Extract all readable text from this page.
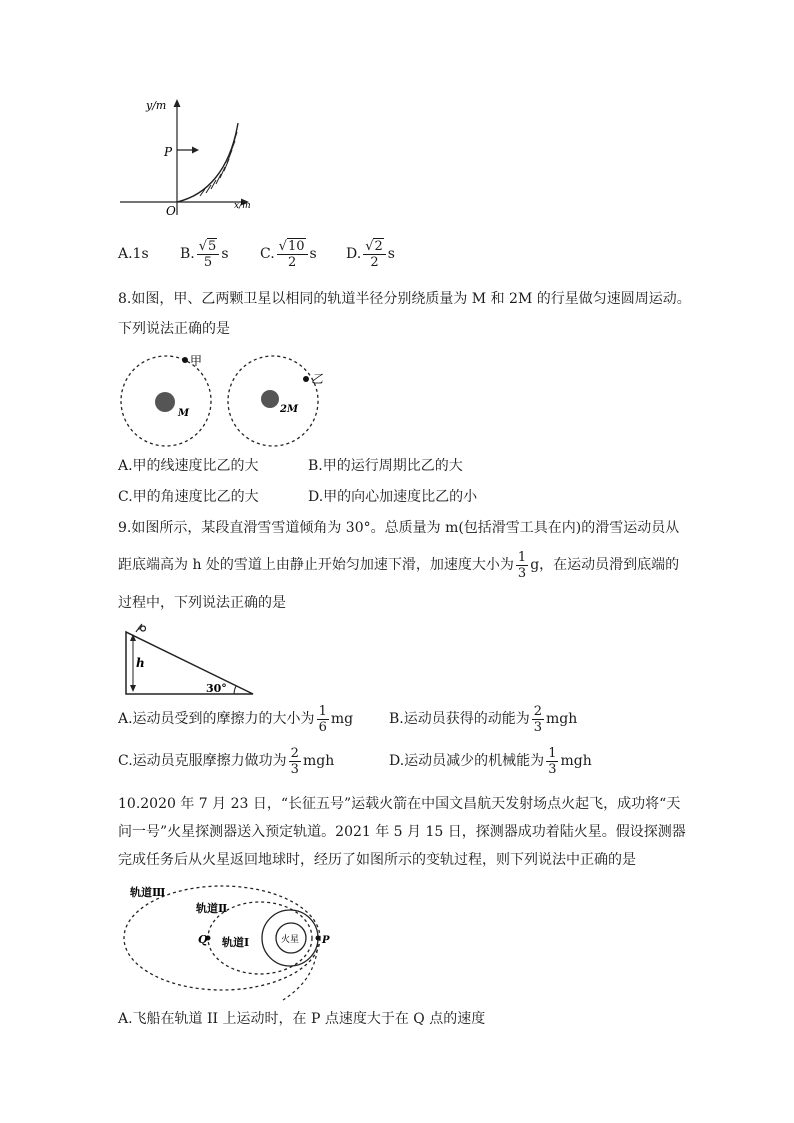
y/m
x/m
P
O
A.1s B. $\frac{√5}{5}$ s C. $\frac{√10}{2}$ s D. $\frac{√2}{2}$ s
8.如图，甲、乙两颗卫星以相同的轨道半径分别绕质量为 M 和 2M 的行星做匀速圆周运动。
下列说法正确的是
甲
M
乙
2M
A.甲的线速度比乙的大	B.甲的运行周期比乙的大
C.甲的角速度比乙的大	D.甲的向心加速度比乙的小
9.如图所示，某段直滑雪雪道倾角为 30°。总质量为 m(包括滑雪工具在内)的滑雪运动员从
距底端高为 h 处的雪道上由静止开始匀加速下滑，加速度大小为 $\frac{1}{3}$ g，在运动员滑到底端的
过程中，下列说法正确的是
h
30°
A.运动员受到的摩擦力的大小为 $\frac{1}{6}$ mg	B.运动员获得的动能为 $\frac{2}{3}$ mgh
C.运动员克服摩擦力做功为 $\frac{2}{3}$ mgh	D.运动员减少的机械能为 $\frac{1}{3}$ mgh
10.2020 年 7 月 23 日，“长征五号”运载火箭在中国文昌航天发射场点火起飞，成功将“天
问一号”火星探测器送入预定轨道。2021 年 5 月 15 日，探测器成功着陆火星。假设探测器
完成任务后从火星返回地球时，经历了如图所示的变轨过程，则下列说法中正确的是
轨道Ⅲ
轨道Ⅱ
轨道Ⅰ	火星
Q	P
A.飞船在轨道 II 上运动时，在 P 点速度大于在 Q 点的速度
